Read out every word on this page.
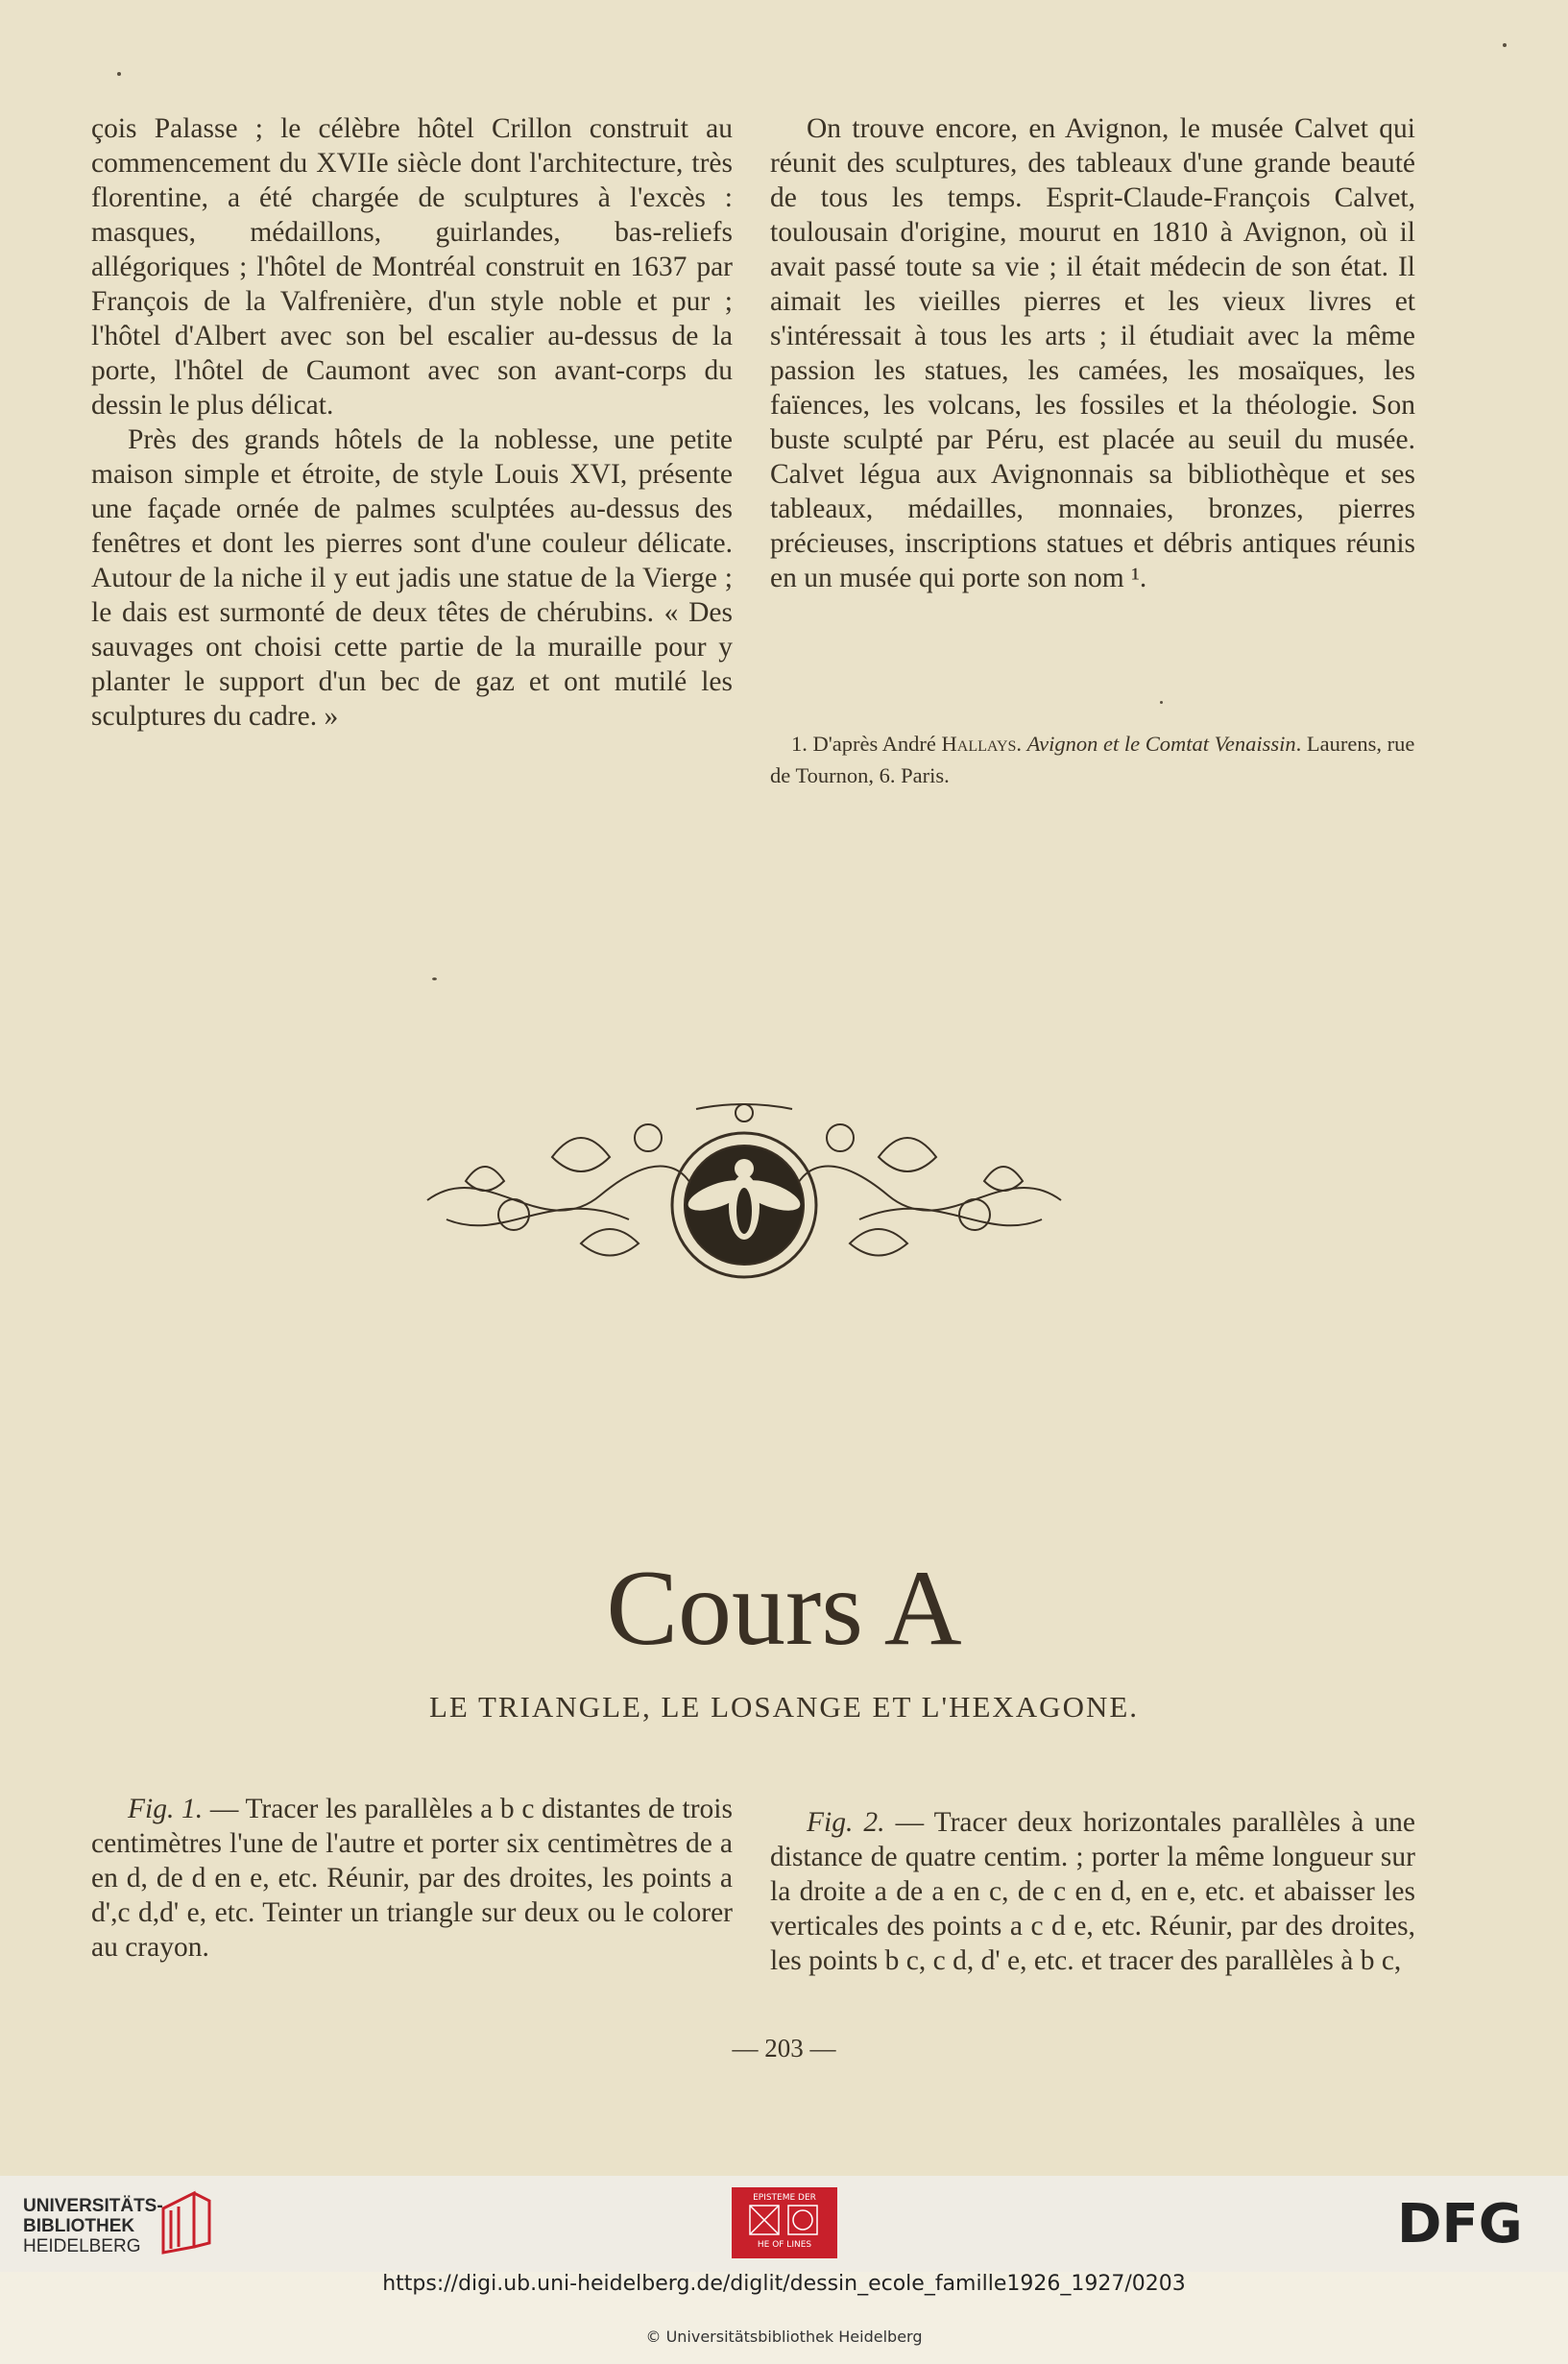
çois Palasse ; le célèbre hôtel Crillon construit au commencement du XVIIe siècle dont l'architecture, très florentine, a été chargée de sculptures à l'excès : masques, médaillons, guirlandes, bas-reliefs allégoriques ; l'hôtel de Montréal construit en 1637 par François de la Valfrenière, d'un style noble et pur ; l'hôtel d'Albert avec son bel escalier au-dessus de la porte, l'hôtel de Caumont avec son avant-corps du dessin le plus délicat.

Près des grands hôtels de la noblesse, une petite maison simple et étroite, de style Louis XVI, présente une façade ornée de palmes sculptées au-dessus des fenêtres et dont les pierres sont d'une couleur délicate. Autour de la niche il y eut jadis une statue de la Vierge ; le dais est surmonté de deux têtes de chérubins. « Des sauvages ont choisi cette partie de la muraille pour y planter le support d'un bec de gaz et ont mutilé les sculptures du cadre. »

On trouve encore, en Avignon, le musée Calvet qui réunit des sculptures, des tableaux d'une grande beauté de tous les temps. Esprit-Claude-François Calvet, toulousain d'origine, mourut en 1810 à Avignon, où il avait passé toute sa vie ; il était médecin de son état. Il aimait les vieilles pierres et les vieux livres et s'intéressait à tous les arts ; il étudiait avec la même passion les statues, les camées, les mosaïques, les faïences, les volcans, les fossiles et la théologie. Son buste sculpté par Péru, est placée au seuil du musée. Calvet légua aux Avignonnais sa bibliothèque et ses tableaux, médailles, monnaies, bronzes, pierres précieuses, inscriptions statues et débris antiques réunis en un musée qui porte son nom ¹.

1. D'après André Hallays. Avignon et le Comtat Venaissin. Laurens, rue de Tournon, 6. Paris.

Cours A
LE TRIANGLE, LE LOSANGE ET L'HEXAGONE.

Fig. 1. — Tracer les parallèles a b c distantes de trois centimètres l'une de l'autre et porter six centimètres de a en d, de d en e, etc. Réunir, par des droites, les points a d',c d,d' e, etc. Teinter un triangle sur deux ou le colorer au crayon.

Fig. 2. — Tracer deux horizontales parallèles à une distance de quatre centim. ; porter la même longueur sur la droite a de a en c, de c en d, en e, etc. et abaisser les verticales des points a c d e, etc. Réunir, par des droites, les points b c, c d, d' e, etc. et tracer des parallèles à b c,

— 203 —
UNIVERSITÄTS-
BIBLIOTHEK
HEIDELBERG
EPISTEME DER
HE OF LINES	DFG
https://digi.ub.uni-heidelberg.de/diglit/dessin_ecole_famille1926_1927/0203
© Universitätsbibliothek Heidelberg
